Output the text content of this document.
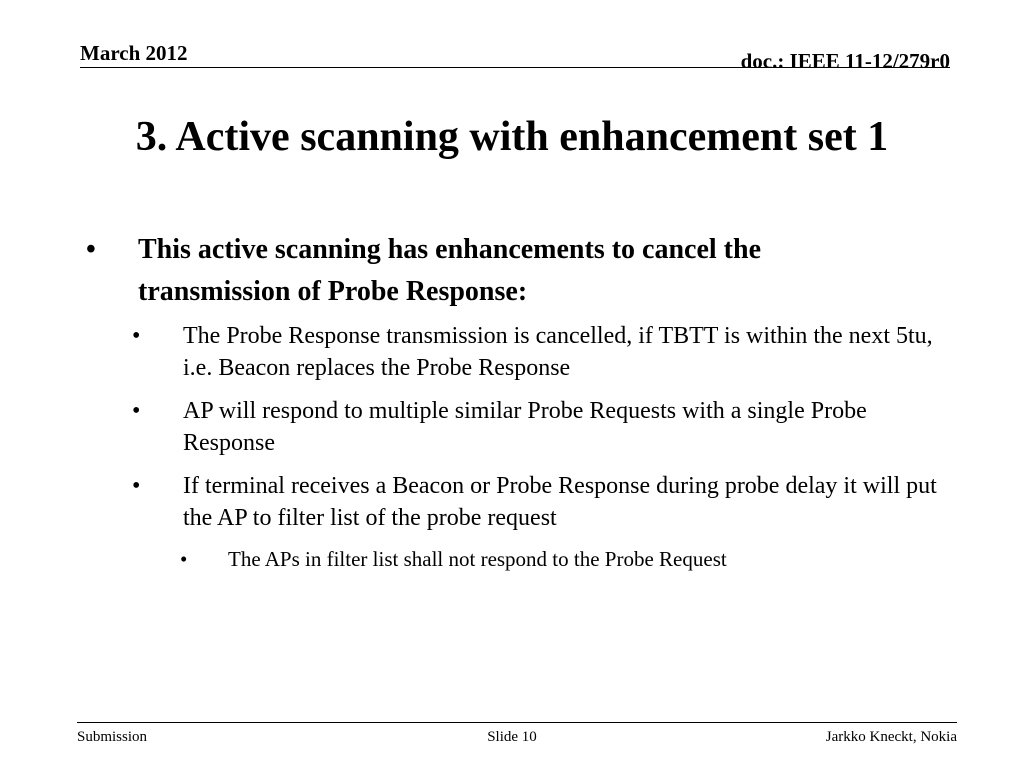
March 2012	doc.: IEEE 11-12/279r0
3. Active scanning with enhancement set 1

• This active scanning has enhancements to cancel the transmission of Probe Response:

• The Probe Response transmission is cancelled, if TBTT is within the next 5tu, i.e. Beacon replaces the Probe Response

• AP will respond to multiple similar Probe Requests with a single Probe Response

• If terminal receives a Beacon or Probe Response during probe delay it will put the AP to filter list of the probe request

• The APs in filter list shall not respond to the Probe Request

Submission	Slide 10	Jarkko Kneckt, Nokia
